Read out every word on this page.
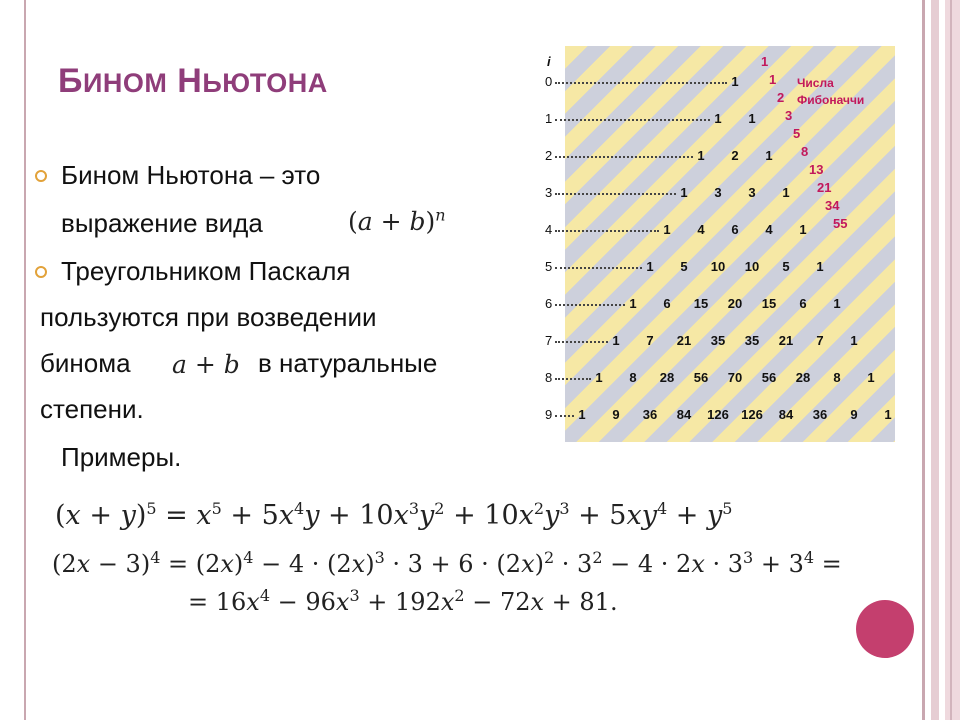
БИНОМ НЬЮТОНА
Бином Ньютона – это
выражение вида	$(a + b)^n$
Треугольником Паскаля
пользуются при возведении
бинома a + b в натуральные
степени.
Примеры.
$(x + y)^5 = x^5 + 5x^4y + 10x^3y^2 + 10x^2y^3 + 5xy^4 + y^5$
$(2x - 3)^4 = (2x)^4 - 4 \cdot (2x)^3 \cdot 3 + 6 \cdot (2x)^2 \cdot 3^2 - 4 \cdot 2x \cdot 3^3 + 3^4$ =
= $16x^4 - 96x^3 + 192x^2 - 72x + 81$.
i
0	1
1	1	1
2	1	2	1
3	1	3	3	1
4	1	4	6	4	1
5	1	5	10	10	5	1
6	1	6	15	20	15	6	1
7	1	7	21	35	35	21	7	1
8	1	8	28	56	70	56	28	8	1
9	1	9	36	84	126 126	84	36	9	1
Числа
Фибоначчи
1
1
2
3
5
8
13
21
34
55
